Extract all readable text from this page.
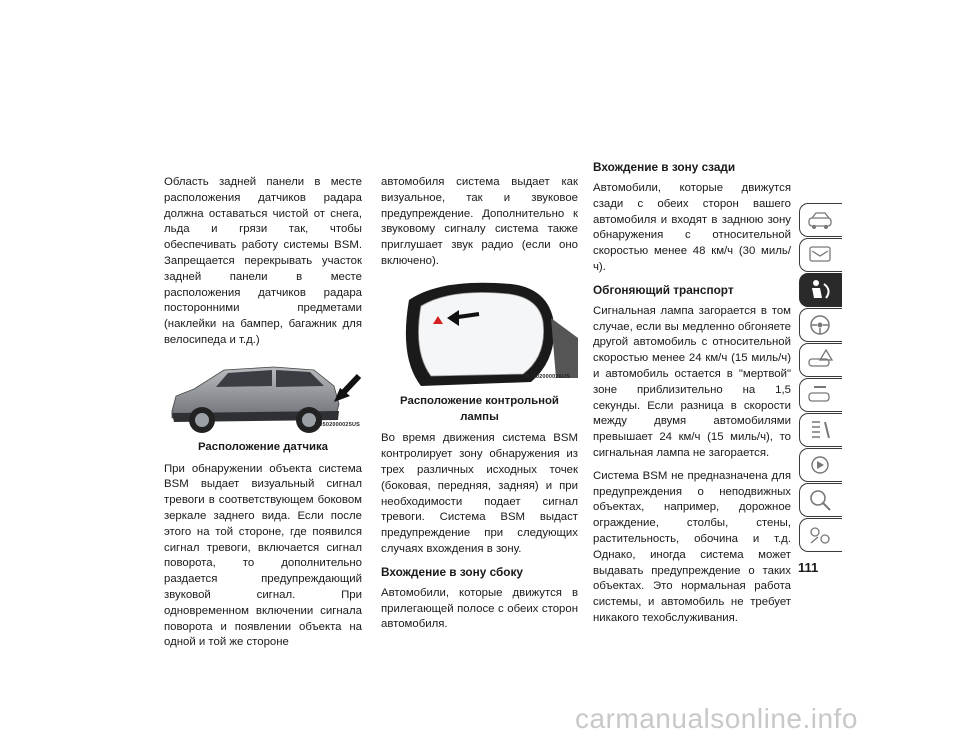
Область задней панели в месте расположения датчиков радара должна оставаться чистой от снега, льда и грязи так, чтобы обеспечивать работу системы BSM. Запрещается перекрывать участок задней панели в месте расположения датчиков радара посторонними предметами (наклейки на бампер, багажник для велосипеда и т.д.)

M0502000025US
Расположение датчика

При обнаружении объекта система BSM выдает визуальный сигнал тревоги в соответствующем боковом зеркале заднего вида. Если после этого на той стороне, где появился сигнал тревоги, включается сигнал поворота, то дополнительно раздается предупреждающий звуковой сигнал. При одновременном включении сигнала поворота и появлении объекта на одной и той же стороне

автомобиля система выдает как визуальное, так и звуковое предупреждение. Дополнительно к звуковому сигналу система также приглушает звук радио (если оно включено).

M0502000026US
Расположение контрольной лампы

Во время движения система BSM контролирует зону обнаружения из трех различных исходных точек (боковая, передняя, задняя) и при необходимости подает сигнал тревоги. Система BSM выдаст предупреждение при следующих случаях вхождения в зону.

Вхождение в зону сбоку

Автомобили, которые движутся в прилегающей полосе с обеих сторон автомобиля.

Вхождение в зону сзади

Автомобили, которые движутся сзади с обеих сторон вашего автомобиля и входят в заднюю зону обнаружения с относительной скоростью менее 48 км/ч (30 миль/ч).

Обгоняющий транспорт

Сигнальная лампа загорается в том случае, если вы медленно обгоняете другой автомобиль с относительной скоростью менее 24 км/ч (15 миль/ч) и автомобиль остается в "мертвой" зоне приблизительно на 1,5 секунды. Если разница в скорости между двумя автомобилями превышает 24 км/ч (15 миль/ч), то сигнальная лампа не загорается.

Система BSM не предназначена для предупреждения о неподвижных объектах, например, дорожное ограждение, столбы, стены, растительность, обочина и т.д. Однако, иногда система может выдавать предупреждение о таких объектах. Это нормальная работа системы, и автомобиль не требует никакого техобслуживания.

111
carmanualsonline.info
